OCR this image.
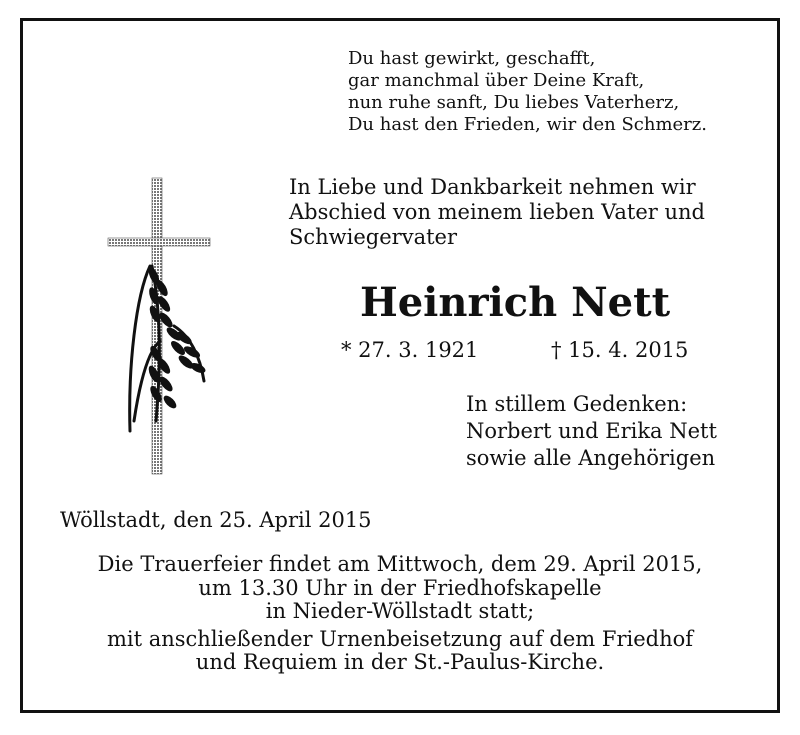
Du hast gewirkt, geschafft,
gar manchmal über Deine Kraft,
nun ruhe sanft, Du liebes Vaterherz,
Du hast den Frieden, wir den Schmerz.
In Liebe und Dankbarkeit nehmen wir
Abschied von meinem lieben Vater und
Schwiegervater
Heinrich Nett
* 27. 3. 1921	† 15. 4. 2015
In stillem Gedenken:
Norbert und Erika Nett
sowie alle Angehörigen
Wöllstadt, den 25. April 2015
Die Trauerfeier findet am Mittwoch, dem 29. April 2015,
um 13.30 Uhr in der Friedhofskapelle
in Nieder-Wöllstadt statt;
mit anschließender Urnenbeisetzung auf dem Friedhof
und Requiem in der St.-Paulus-Kirche.
